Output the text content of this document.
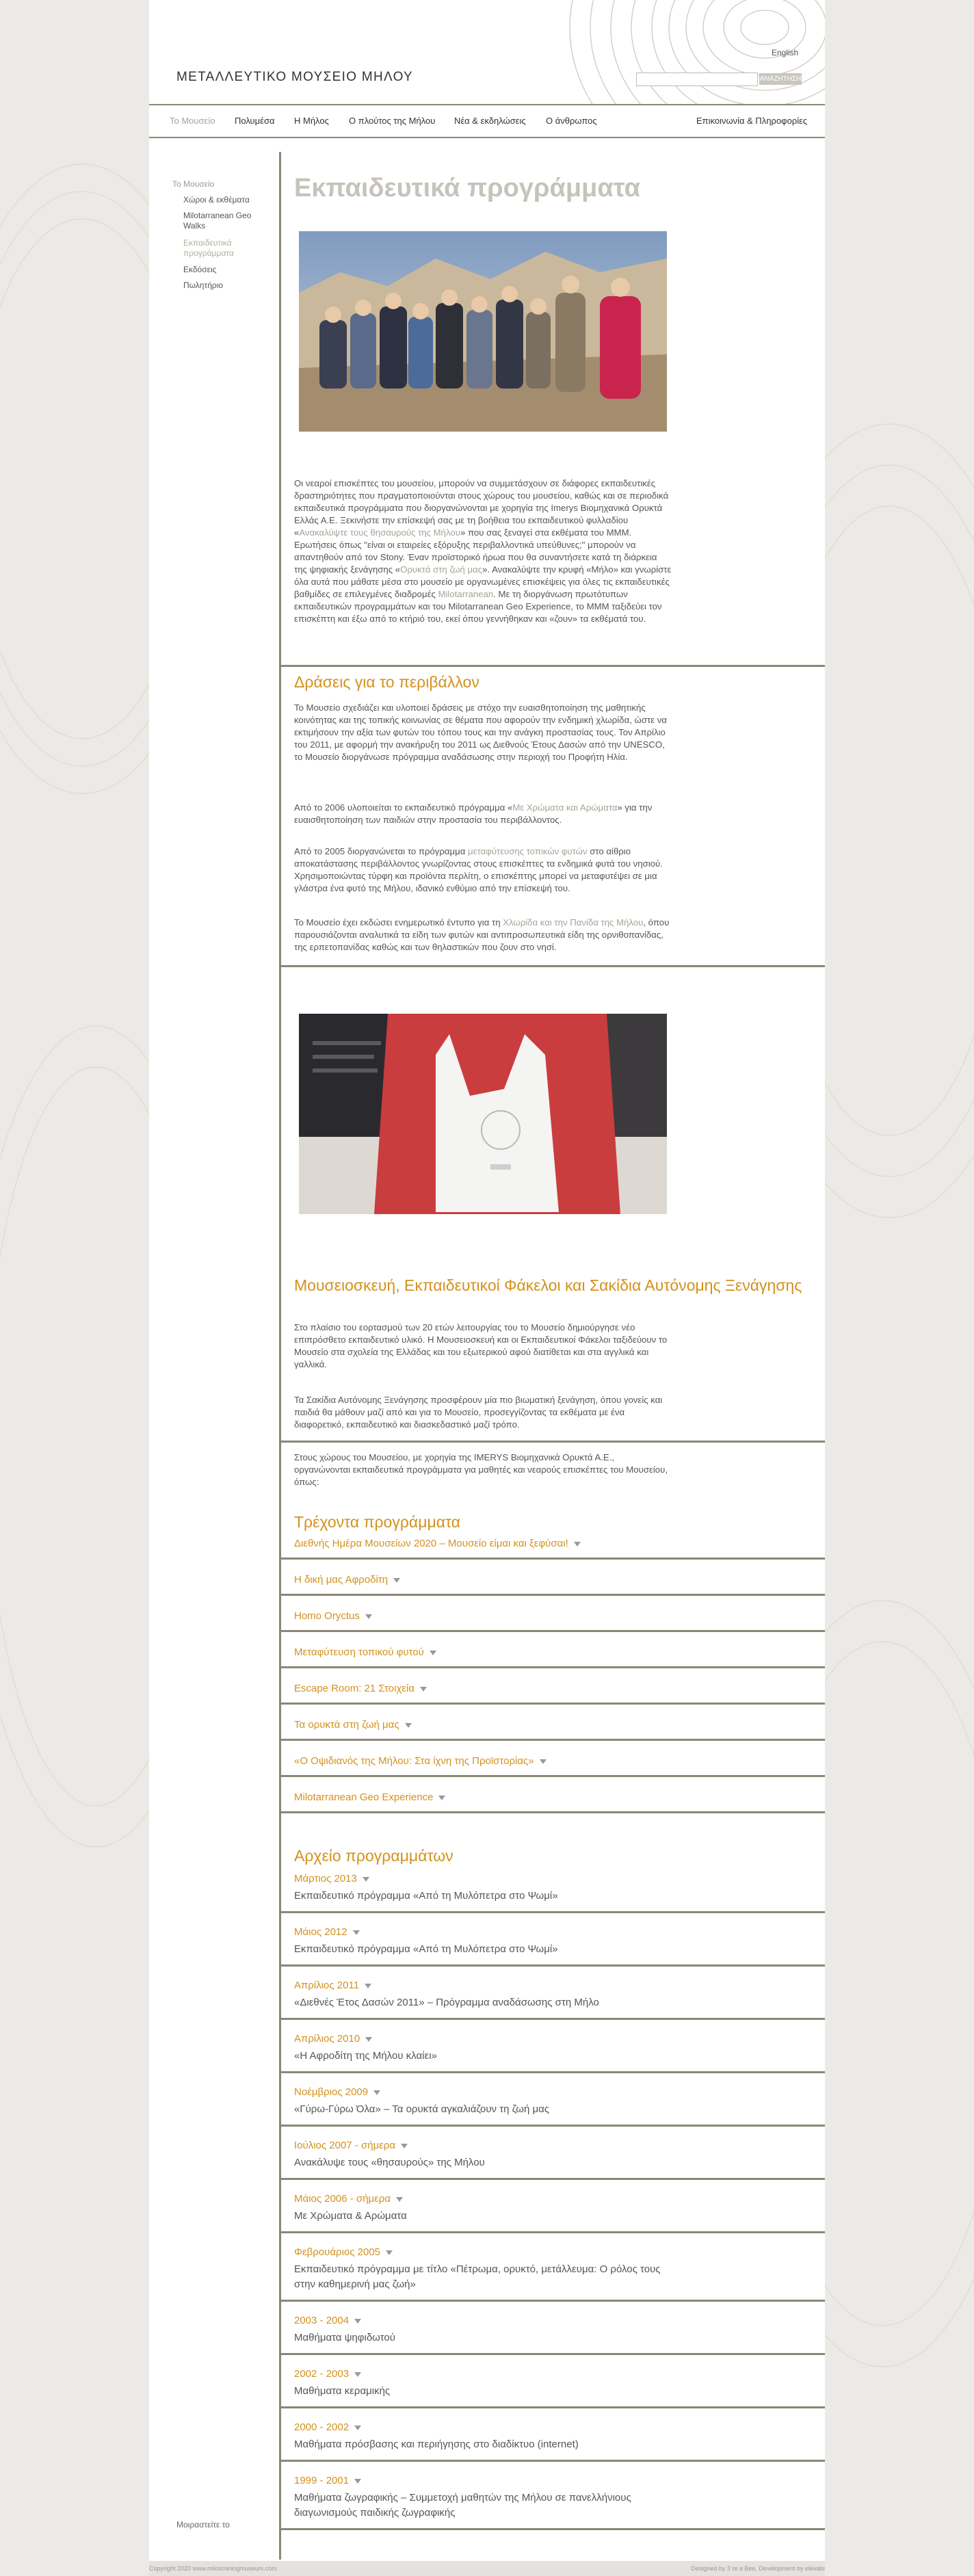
ΜΕΤΑΛΛΕΥΤΙΚΟ ΜΟΥΣΕΙΟ ΜΗΛΟΥ
English
ΑΝΑΖΗΤΗΣΗ
Το Μουσείο Πολυμέσα Η Μήλος Ο πλούτος της Μήλου Νέα & εκδηλώσεις Ο άνθρωπος	Επικοινωνία & Πληροφορίες
Το Μουσείο
Χώροι & εκθέματα
Milotarranean Geo Walks
Εκπαιδευτικά προγράμματα
Εκδόσεις
Πωλητήριο
Μοιραστείτε το
Εκπαιδευτικά προγράμματα

Οι νεαροί επισκέπτες του μουσείου, μπορούν να συμμετάσχουν σε διάφορες εκπαιδευτικές δραστηριότητες που πραγματοποιούνται στους χώρους του μουσείου, καθώς και σε περιοδικά εκπαιδευτικά προγράμματα που διοργανώνονται με χορηγία της Imerys Βιομηχανικά Ορυκτά Ελλάς Α.Ε. Ξεκινήστε την επίσκεψή σας με τη βοήθεια του εκπαιδευτικού φυλλαδίου «Ανακαλύψτε τους θησαυρούς της Μήλου» που σας ξεναγεί στα εκθέματα του ΜΜΜ. Ερωτήσεις όπως "είναι οι εταιρείες εξόρυξης περιβαλλοντικά υπεύθυνες;" μπορούν να απαντηθούν από τον Stony. Έναν προϊστορικό ήρωα που θα συναντήσετε κατά τη διάρκεια της ψηφιακής ξενάγησης «Ορυκτά στη ζωή μας». Ανακαλύψτε την κρυφή «Μήλο» και γνωρίστε όλα αυτά που μάθατε μέσα στο μουσείο με οργανωμένες επισκέψεις για όλες τις εκπαιδευτικές βαθμίδες σε επιλεγμένες διαδρομές Milotarranean. Με τη διοργάνωση πρωτότυπων εκπαιδευτικών προγραμμάτων και του Milotarranean Geo Experience, το ΜΜΜ ταξιδεύει τον επισκέπτη και έξω από το κτήριό του, εκεί όπου γεννήθηκαν και «ζουν» τα εκθέματά του.

Δράσεις για το περιβάλλον

Το Μουσείο σχεδιάζει και υλοποιεί δράσεις με στόχο την ευαισθητοποίηση της μαθητικής κοινότητας και της τοπικής κοινωνίας σε θέματα που αφορούν την ενδημική χλωρίδα, ώστε να εκτιμήσουν την αξία των φυτών του τόπου τους και την ανάγκη προστασίας τους. Τον Απρίλιο του 2011, με αφορμή την ανακήρυξη του 2011 ως Διεθνούς Έτους Δασών από την UNESCO, το Μουσείο διοργάνωσε πρόγραμμα αναδάσωσης στην περιοχή του Προφήτη Ηλία.

Από το 2006 υλοποιείται το εκπαιδευτικό πρόγραμμα «Με Χρώματα και Αρώματα» για την ευαισθητοποίηση των παιδιών στην προστασία του περιβάλλοντος.

Από το 2005 διοργανώνεται το πρόγραμμα μεταφύτευσης τοπικών φυτών στο αίθριο αποκατάστασης περιβάλλοντος γνωρίζοντας στους επισκέπτες τα ενδημικά φυτά του νησιού. Χρησιμοποιώντας τύρφη και προϊόντα περλίτη, ο επισκέπτης μπορεί να μεταφυτέψει σε μια γλάστρα ένα φυτό της Μήλου, ιδανικό ενθύμιο από την επίσκεψή του.

Το Μουσείο έχει εκδώσει ενημερωτικό έντυπο για τη Χλωρίδα και την Πανίδα της Μήλου, όπου παρουσιάζονται αναλυτικά τα είδη των φυτών και αντιπροσωπευτικά είδη της ορνιθοπανίδας, της ερπετοπανίδας καθώς και των θηλαστικών που ζουν στο νησί.

Μουσειοσκευή, Εκπαιδευτικοί Φάκελοι και Σακίδια Αυτόνομης Ξενάγησης

Στο πλαίσιο του εορτασμού των 20 ετών λειτουργίας του το Μουσείο δημιούργησε νέο επιπρόσθετο εκπαιδευτικό υλικό. Η Μουσειοσκευή και οι Εκπαιδευτικοί Φάκελοι ταξιδεύουν το Μουσείο στα σχολεία της Ελλάδας και του εξωτερικού αφού διατίθεται και στα αγγλικά και γαλλικά.

Τα Σακίδια Αυτόνομης Ξενάγησης προσφέρουν μία πιο βιωματική ξενάγηση, όπου γονείς και παιδιά θα μάθουν μαζί από και για το Μουσείο, προσεγγίζοντας τα εκθέματα με ένα διαφορετικό, εκπαιδευτικό και διασκεδαστικό μαζί τρόπο.

Στους χώρους του Μουσείου, με χορηγία της IMERYS Βιομηχανικά Ορυκτά Α.Ε., οργανώνονται εκπαιδευτικά προγράμματα για μαθητές και νεαρούς επισκέπτες του Μουσείου, όπως:

Τρέχοντα προγράμματα
Διεθνής Ημέρα Μουσείων 2020 – Μουσείο είμαι και ξεφύσαι!
Η δική μας Αφροδίτη
Homo Oryctus
Μεταφύτευση τοπικού φυτού
Escape Room: 21 Στοιχεία
Τα ορυκτά στη ζωή μας
«Ο Οψιδιανός της Μήλου: Στα ίχνη της Προϊστορίας»
Milotarranean Geo Experience
Αρχείο προγραμμάτων
Μάρτιος 2013
Εκπαιδευτικό πρόγραμμα «Από τη Μυλόπετρα στο Ψωμί»
Μάιος 2012
Εκπαιδευτικό πρόγραμμα «Από τη Μυλόπετρα στο Ψωμί»
Απρίλιος 2011
«Διεθνές Έτος Δασών 2011» – Πρόγραμμα αναδάσωσης στη Μήλο
Απρίλιος 2010
«Η Αφροδίτη της Μήλου κλαίει»
Νοέμβριος 2009
«Γύρω-Γύρω Όλα» – Τα ορυκτά αγκαλιάζουν τη ζωή μας
Ιούλιος 2007 - σήμερα
Ανακάλυψε τους «θησαυρούς» της Μήλου
Μάιος 2006 - σήμερα
Με Χρώματα & Αρώματα
Φεβρουάριος 2005
Εκπαιδευτικό πρόγραμμα με τίτλο «Πέτρωμα, ορυκτό, μετάλλευμα: Ο ρόλος τους στην καθημερινή μας ζωή»
2003 - 2004
Μαθήματα ψηφιδωτού
2002 - 2003
Μαθήματα κεραμικής
2000 - 2002
Μαθήματα πρόσβασης και περιήγησης στο διαδίκτυο (internet)
1999 - 2001
Μαθήματα ζωγραφικής – Συμμετοχή μαθητών της Μήλου σε πανελλήνιους διαγωνισμούς παιδικής ζωγραφικής
Copyright 2020 www.milosminingmuseum.com	Designed by 3 re a Bee, Development by elevate
